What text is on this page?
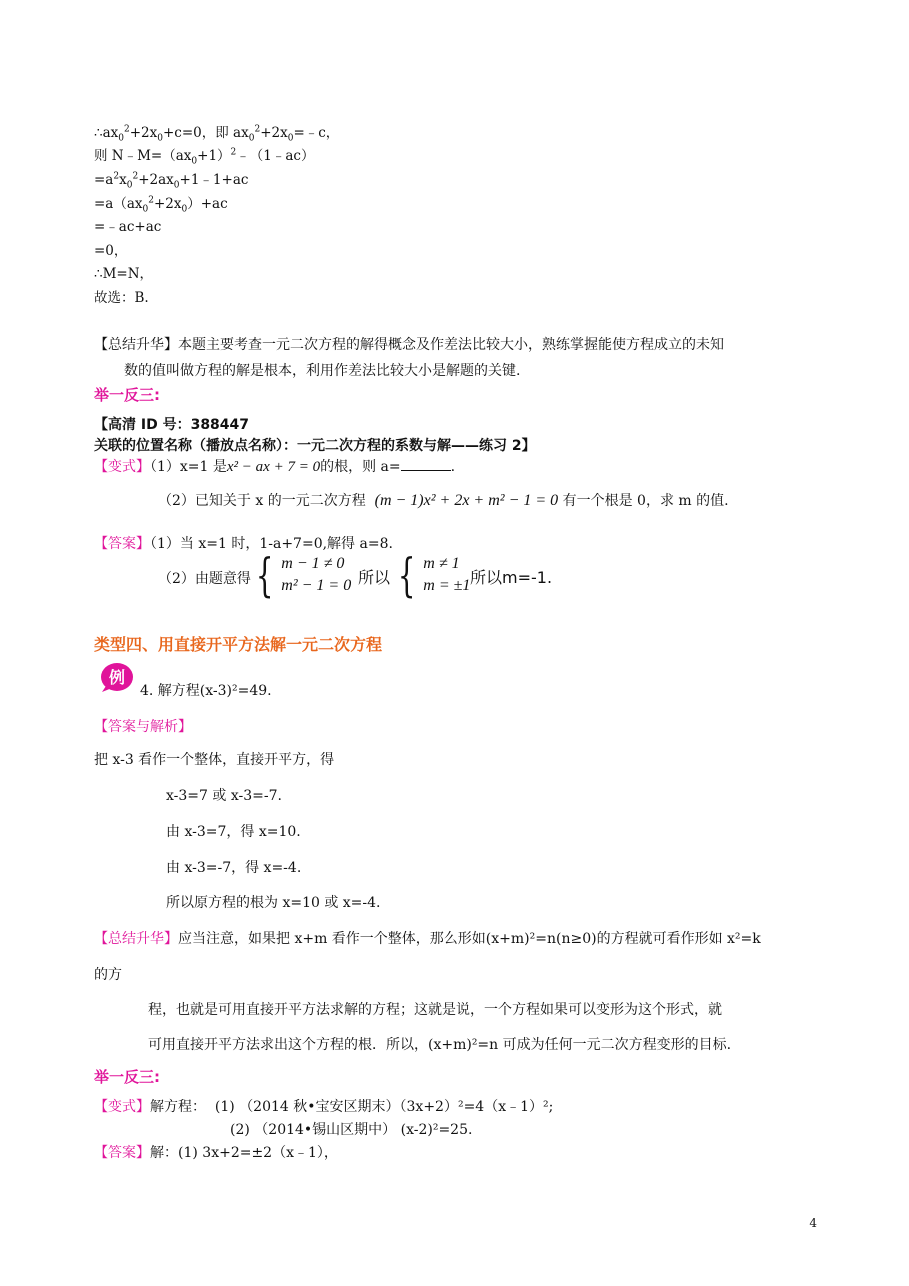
$\therefore ax_0^2+2x_0+c=0$，即 $ax_0^2+2x_0=﹣c$，
则 $N﹣M=(ax_0+1)^2﹣(1﹣ac)$
$=a^2x_0^2+2ax_0+1﹣1+ac$
$=a(ax_0^2+2x_0)+ac$
=﹣ac+ac
=0，
∴M=N，
故选：B.
【总结升华】本题主要考查一元二次方程的解得概念及作差法比较大小，熟练掌握能使方程成立的未知
数的值叫做方程的解是根本，利用作差法比较大小是解题的关键.
举一反三:
【高清 ID 号：388447
关联的位置名称（播放点名称）：一元二次方程的系数与解——练习 2】
【变式】（1）x=1 是x² − ax + 7 = 0的根，则 a=	.
（2）已知关于 x 的一元二次方程 (m − 1)x² + 2x + m² − 1 = 0 有一个根是 0，求 m 的值.
【答案】（1）当 x=1 时，1-a+7=0,解得 a=8.
（2）由题意得 { m − 1 ≠ 0
m² − 1 = 0 所以 { m ≠ 1
m = ±1 所以m=-1.
类型四、用直接开平方法解一元二次方程
例
4. 解方程(x-3)²=49.
【答案与解析】
把 x-3 看作一个整体，直接开平方，得
x-3=7 或 x-3=-7.
由 x-3=7，得 x=10.
由 x-3=-7，得 x=-4.
所以原方程的根为 x=10 或 x=-4.
【总结升华】应当注意，如果把 x+m 看作一个整体，那么形如(x+m)²=n(n≥0)的方程就可看作形如 x²=k
的方
程，也就是可用直接开平方法求解的方程；这就是说，一个方程如果可以变形为这个形式，就
可用直接开平方法求出这个方程的根．所以，(x+m)²=n 可成为任何一元二次方程变形的目标.
举一反三:
【变式】解方程： (1) （2014 秋•宝安区期末）（3x+2）²=4（x﹣1）²;
(2) （2014•锡山区期中） (x-2)²=25.
【答案】解：(1) 3x+2=±2（x﹣1），
4
